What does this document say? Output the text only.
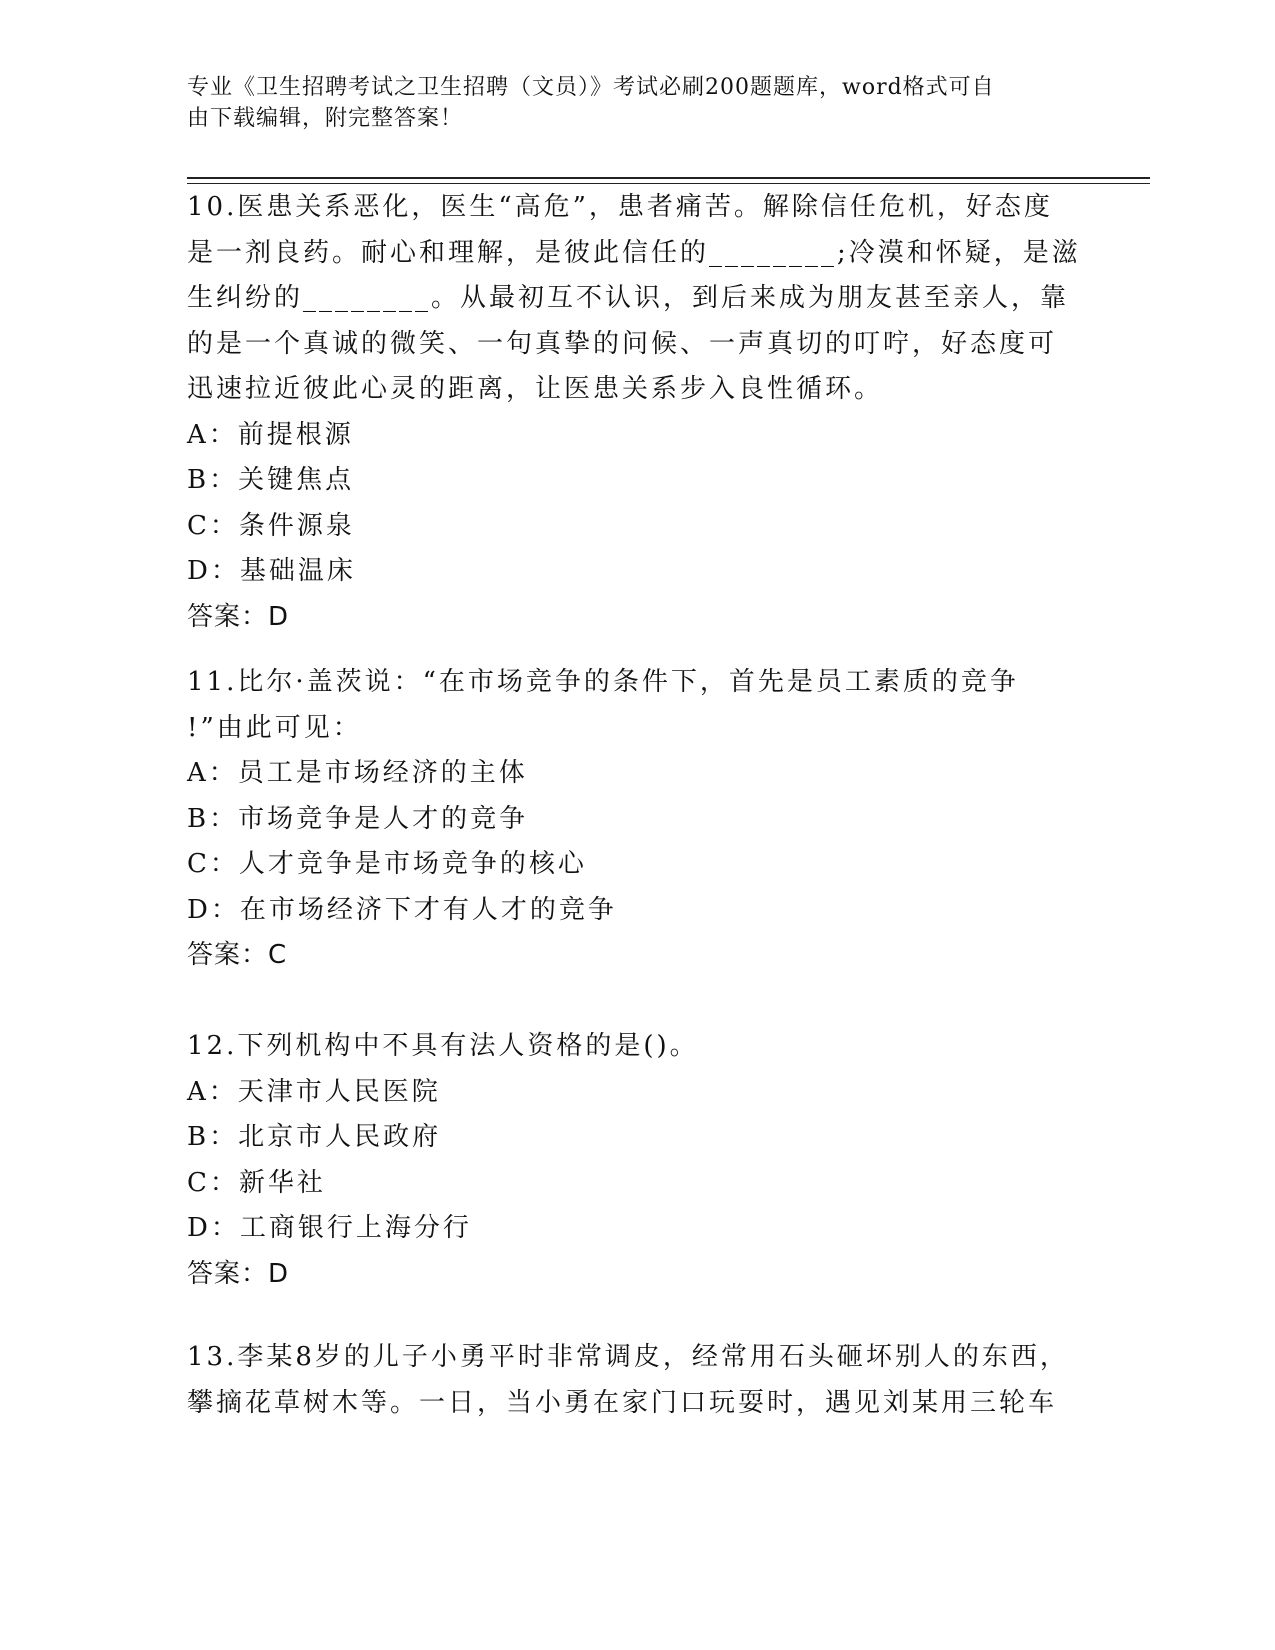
专业《卫生招聘考试之卫生招聘（文员）》考试必刷200题题库，word格式可自
由下载编辑，附完整答案！
10.医患关系恶化，医生“高危”，患者痛苦。解除信任危机，好态度
是一剂良药。耐心和理解，是彼此信任的________;冷漠和怀疑，是滋
生纠纷的________。从最初互不认识，到后来成为朋友甚至亲人，靠
的是一个真诚的微笑、一句真挚的问候、一声真切的叮咛，好态度可
迅速拉近彼此心灵的距离，让医患关系步入良性循环。
A：前提根源
B：关键焦点
C：条件源泉
D：基础温床
答案：D
11.比尔·盖茨说：“在市场竞争的条件下，首先是员工素质的竞争
!”由此可见：
A：员工是市场经济的主体
B：市场竞争是人才的竞争
C：人才竞争是市场竞争的核心
D：在市场经济下才有人才的竞争
答案：C
12.下列机构中不具有法人资格的是()。
A：天津市人民医院
B：北京市人民政府
C：新华社
D：工商银行上海分行
答案：D
13.李某8岁的儿子小勇平时非常调皮，经常用石头砸坏别人的东西，
攀摘花草树木等。一日，当小勇在家门口玩耍时，遇见刘某用三轮车
